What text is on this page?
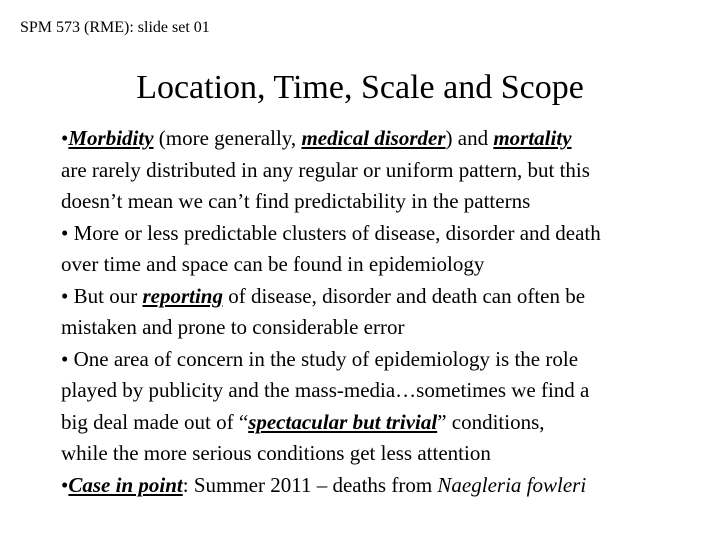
SPM 573 (RME): slide set 01
Location, Time, Scale and Scope

•Morbidity (more generally, medical disorder) and mortality
are rarely distributed in any regular or uniform pattern, but this
doesn’t mean we can’t find predictability in the patterns

• More or less predictable clusters of disease, disorder and death
over time and space can be found in epidemiology

• But our reporting of disease, disorder and death can often be
mistaken and prone to considerable error

• One area of concern in the study of epidemiology is the role
played by publicity and the mass-media…sometimes we find a
big deal made out of “spectacular but trivial” conditions,
while the more serious conditions get less attention

•Case in point: Summer 2011 – deaths from Naegleria fowleri
